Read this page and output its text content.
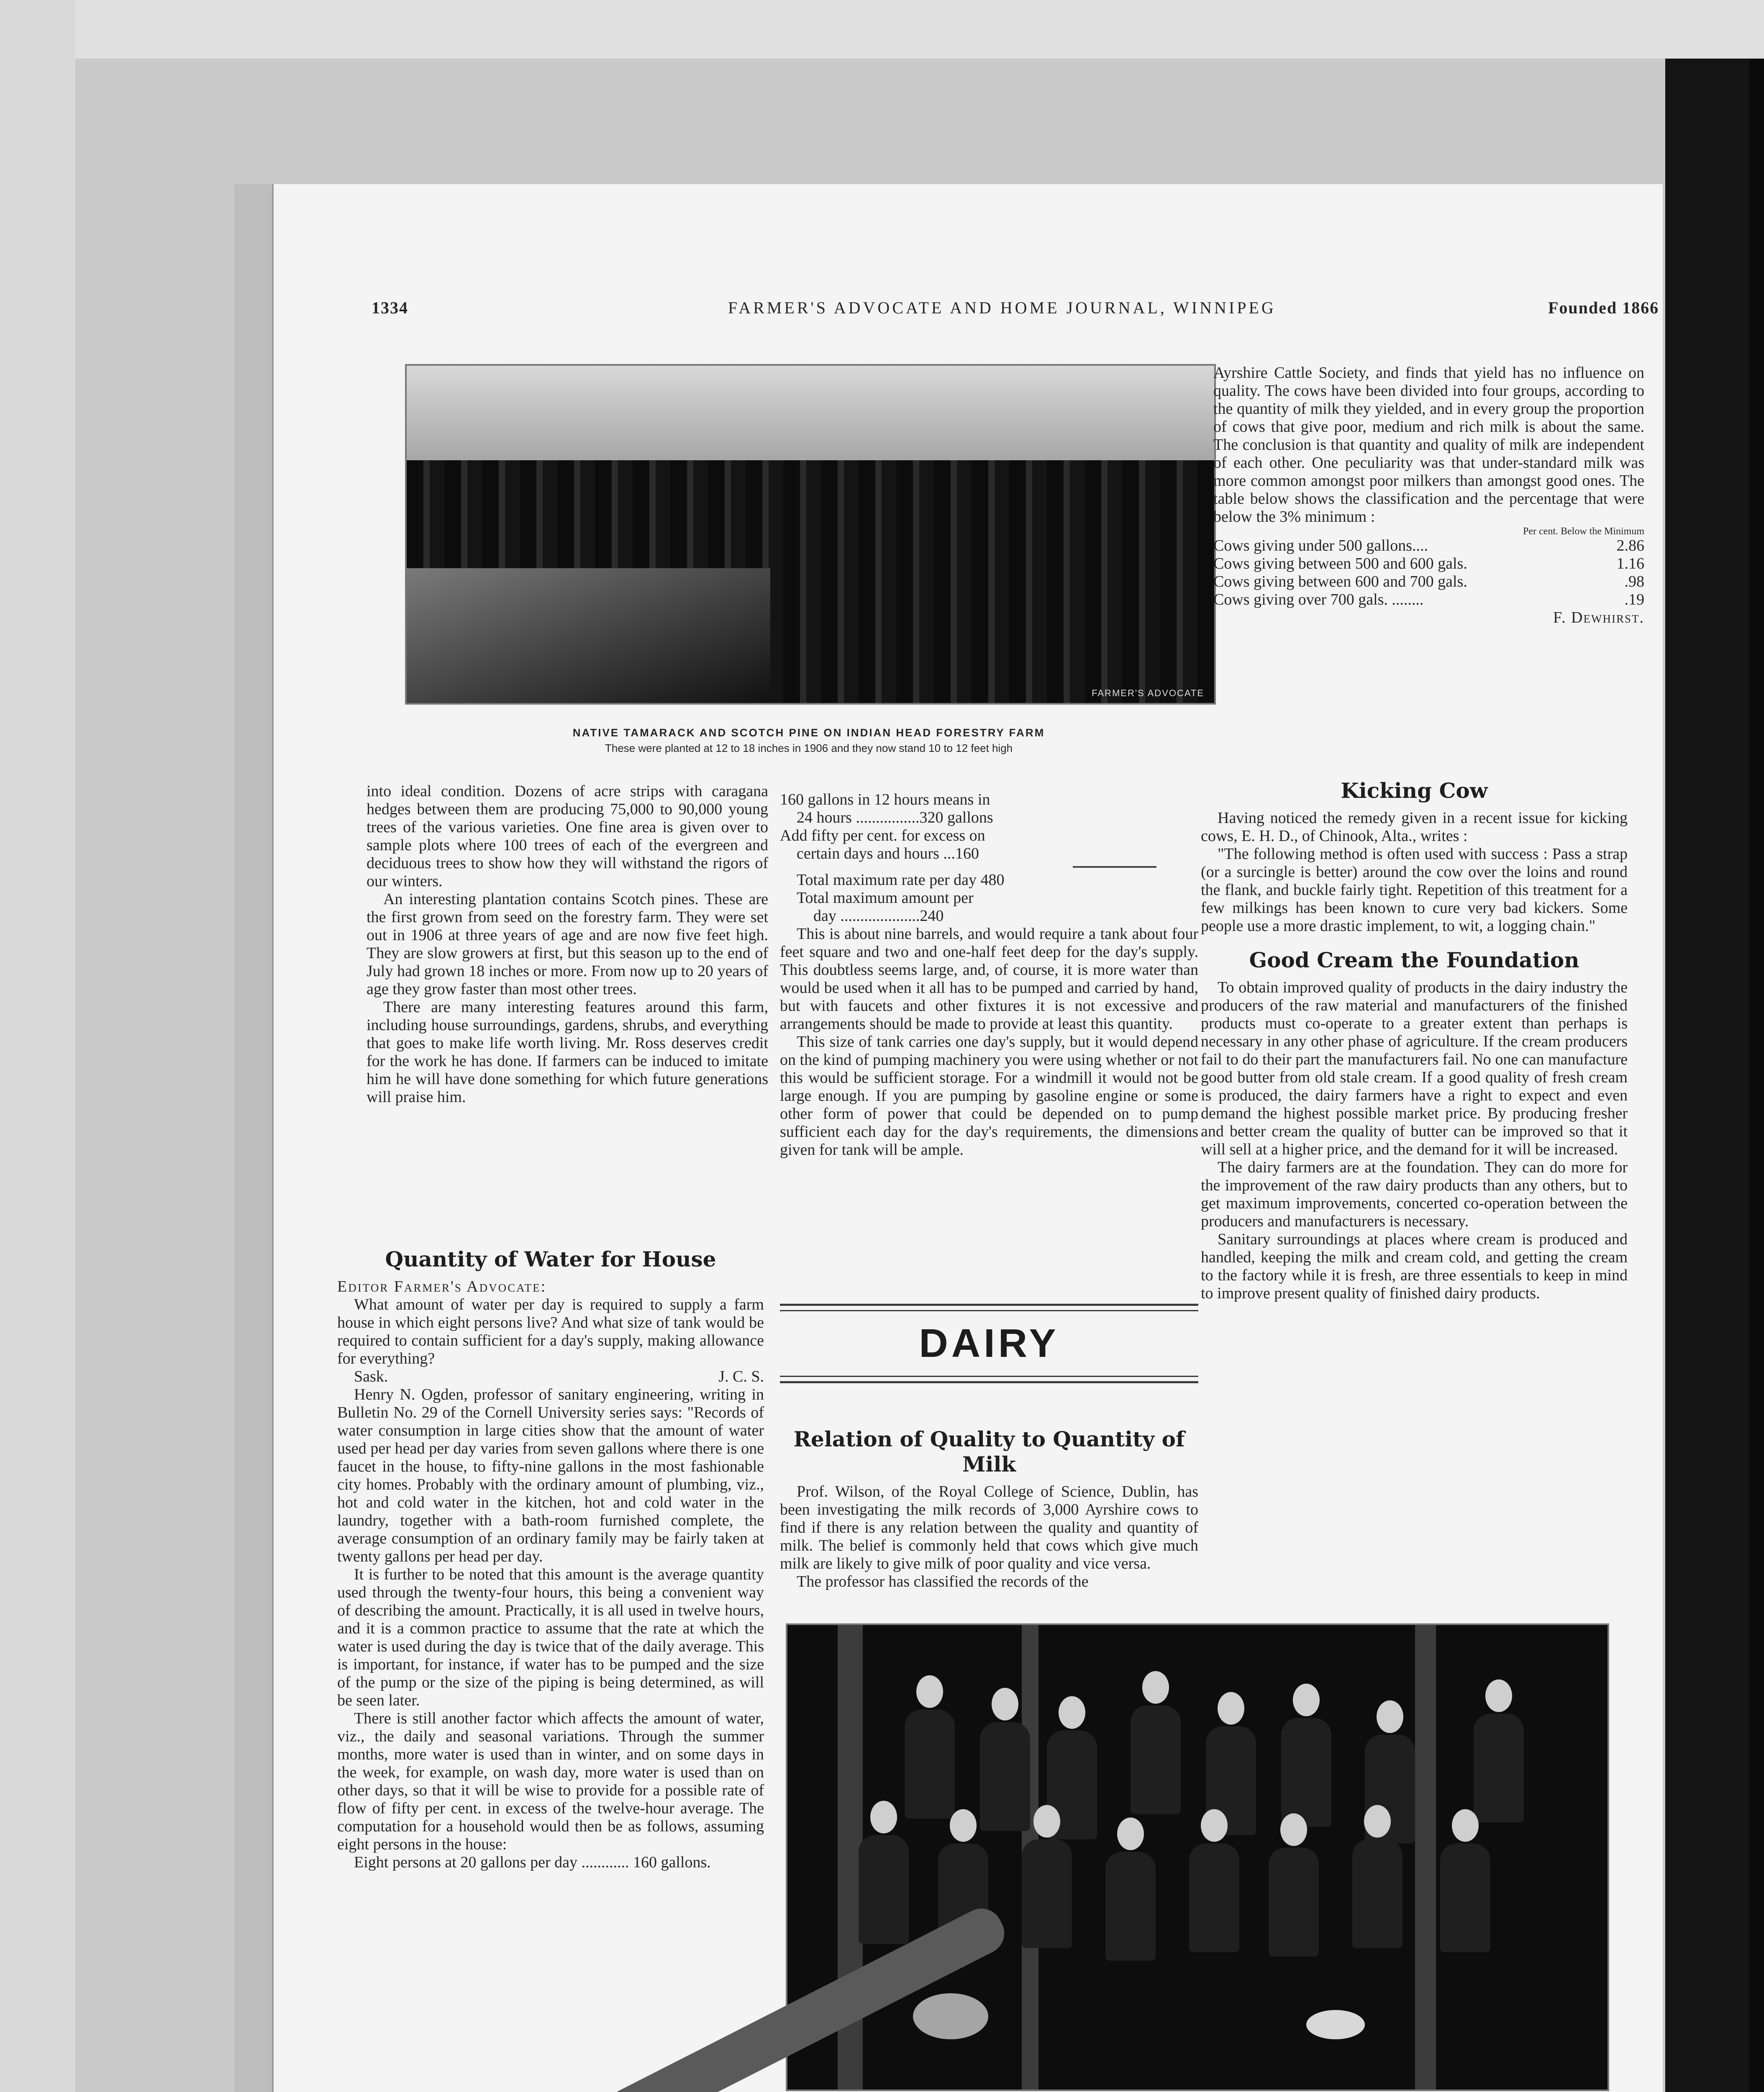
1334	FARMER'S ADVOCATE AND HOME JOURNAL, WINNIPEG	Founded 1866
FARMER'S ADVOCATE
NATIVE TAMARACK AND SCOTCH PINE ON INDIAN HEAD FORESTRY FARM
These were planted at 12 to 18 inches in 1906 and they now stand 10 to 12 feet high

into ideal condition. Dozens of acre strips with caragana hedges between them are producing 75,000 to 90,000 young trees of the various varieties. One fine area is given over to sample plots where 100 trees of each of the evergreen and deciduous trees to show how they will withstand the rigors of our winters.

An interesting plantation contains Scotch pines. These are the first grown from seed on the forestry farm. They were set out in 1906 at three years of age and are now five feet high. They are slow growers at first, but this season up to the end of July had grown 18 inches or more. From now up to 20 years of age they grow faster than most other trees.

There are many interesting features around this farm, including house surroundings, gardens, shrubs, and everything that goes to make life worth living. Mr. Ross deserves credit for the work he has done. If farmers can be induced to imitate him he will have done something for which future generations will praise him.

Quantity of Water for House

Editor Farmer's Advocate:

What amount of water per day is required to supply a farm house in which eight persons live? And what size of tank would be required to contain sufficient for a day's supply, making allowance for everything?

Sask.	J. C. S.

Henry N. Ogden, professor of sanitary engineering, writing in Bulletin No. 29 of the Cornell University series says: "Records of water consumption in large cities show that the amount of water used per head per day varies from seven gallons where there is one faucet in the house, to fifty-nine gallons in the most fashionable city homes. Probably with the ordinary amount of plumbing, viz., hot and cold water in the kitchen, hot and cold water in the laundry, together with a bath-room furnished complete, the average consumption of an ordinary family may be fairly taken at twenty gallons per head per day.

It is further to be noted that this amount is the average quantity used through the twenty-four hours, this being a convenient way of describing the amount. Practically, it is all used in twelve hours, and it is a common practice to assume that the rate at which the water is used during the day is twice that of the daily average. This is important, for instance, if water has to be pumped and the size of the pump or the size of the piping is being determined, as will be seen later.

There is still another factor which affects the amount of water, viz., the daily and seasonal variations. Through the summer months, more water is used than in winter, and on some days in the week, for example, on wash day, more water is used than on other days, so that it will be wise to provide for a possible rate of flow of fifty per cent. in excess of the twelve-hour average. The computation for a household would then be as follows, assuming eight persons in the house:

Eight persons at 20 gallons per day ............ 160 gallons.

160 gallons in 12 hours means in
24 hours ................320 gallons
Add fifty per cent. for excess on
certain days and hours ...160
Total maximum rate per day 480
Total maximum amount per
day ....................240

This is about nine barrels, and would require a tank about four feet square and two and one-half feet deep for the day's supply. This doubtless seems large, and, of course, it is more water than would be used when it all has to be pumped and carried by hand, but with faucets and other fixtures it is not excessive and arrangements should be made to provide at least this quantity.

This size of tank carries one day's supply, but it would depend on the kind of pumping machinery you were using whether or not this would be sufficient storage. For a windmill it would not be large enough. If you are pumping by gasoline engine or some other form of power that could be depended on to pump sufficient each day for the day's requirements, the dimensions given for tank will be ample.

DAIRY
Relation of Quality to Quantity of Milk

Prof. Wilson, of the Royal College of Science, Dublin, has been investigating the milk records of 3,000 Ayrshire cows to find if there is any relation between the quality and quantity of milk. The belief is commonly held that cows which give much milk are likely to give milk of poor quality and vice versa.

The professor has classified the records of the

Ayrshire Cattle Society, and finds that yield has no influence on quality. The cows have been divided into four groups, according to the quantity of milk they yielded, and in every group the proportion of cows that give poor, medium and rich milk is about the same. The conclusion is that quantity and quality of milk are independent of each other. One peculiarity was that under-standard milk was more common amongst poor milkers than amongst good ones. The table below shows the classification and the percentage that were below the 3% minimum :

	Per cent. Below the Minimum
Cows giving under 500 gallons....	2.86
Cows giving between 500 and 600 gals.	1.16
Cows giving between 600 and 700 gals.	.98
Cows giving over 700 gals. ........	.19

F. Dewhirst.

Kicking Cow

Having noticed the remedy given in a recent issue for kicking cows, E. H. D., of Chinook, Alta., writes :

"The following method is often used with success : Pass a strap (or a surcingle is better) around the cow over the loins and round the flank, and buckle fairly tight. Repetition of this treatment for a few milkings has been known to cure very bad kickers. Some people use a more drastic implement, to wit, a logging chain."

Good Cream the Foundation

To obtain improved quality of products in the dairy industry the producers of the raw material and manufacturers of the finished products must co-operate to a greater extent than perhaps is necessary in any other phase of agriculture. If the cream producers fail to do their part the manufacturers fail. No one can manufacture good butter from old stale cream. If a good quality of fresh cream is produced, the dairy farmers have a right to expect and even demand the highest possible market price. By producing fresher and better cream the quality of butter can be improved so that it will sell at a higher price, and the demand for it will be increased.

The dairy farmers are at the foundation. They can do more for the improvement of the raw dairy products than any others, but to get maximum improvements, concerted co-operation between the producers and manufacturers is necessary.

Sanitary surroundings at places where cream is produced and handled, keeping the milk and cream cold, and getting the cream to the factory while it is fresh, are three essentials to keep in mind to improve present quality of finished dairy products.
